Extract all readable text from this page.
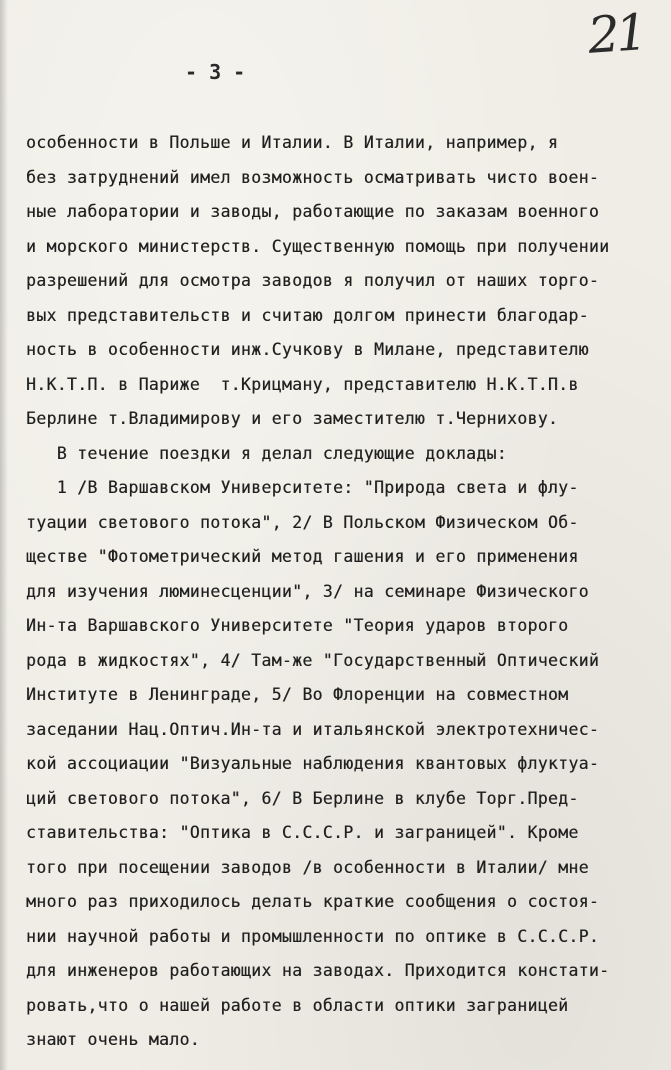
21
- 3 -
особенности в Польше и Италии. В Италии, например, я
без затруднений имел возможность осматривать чисто воен-
ные лаборатории и заводы, работающие по заказам военного
и морского министерств. Существенную помощь при получении
разрешений для осмотра заводов я получил от наших торго-
вых представительств и считаю долгом принести благодар-
ность в особенности инж.Сучкову в Милане, представителю
Н.К.Т.П. в Париже  т.Крицману, представителю Н.К.Т.П.в
Берлине т.Владимирову и его заместителю т.Черниxову.
В течение поездки я делал следующие доклады:
1 /В Варшавском Университете: "Природа света и флу-
туации светового потока", 2/ В Польском Физическом Об-
ществе "Фотометрический метод гашения и его применения
для изучения люминесценции", 3/ на семинаре Физического
Ин-та Варшавского Университете "Теория ударов второго
рода в жидкостях", 4/ Там-же "Государственный Оптический
Институте в Ленинграде, 5/ Во Флоренции на совместном
заседании Нац.Оптич.Ин-та и итальянской электротехничес-
кой ассоциации "Визуальные наблюдения квантовых флуктуа-
ций светового потока", 6/ В Берлине в клубе Торг.Пред-
ставительства: "Оптика в С.С.С.Р. и заграницей". Кроме
того при посещении заводов /в особенности в Италии/ мне
много раз приходилось делать краткие сообщения о состоя-
нии научной работы и промышленности по оптике в С.С.С.Р.
для инженеров работающих на заводах. Приходится констати-
ровать,что о нашей работе в области оптики заграницей
знают очень мало.
